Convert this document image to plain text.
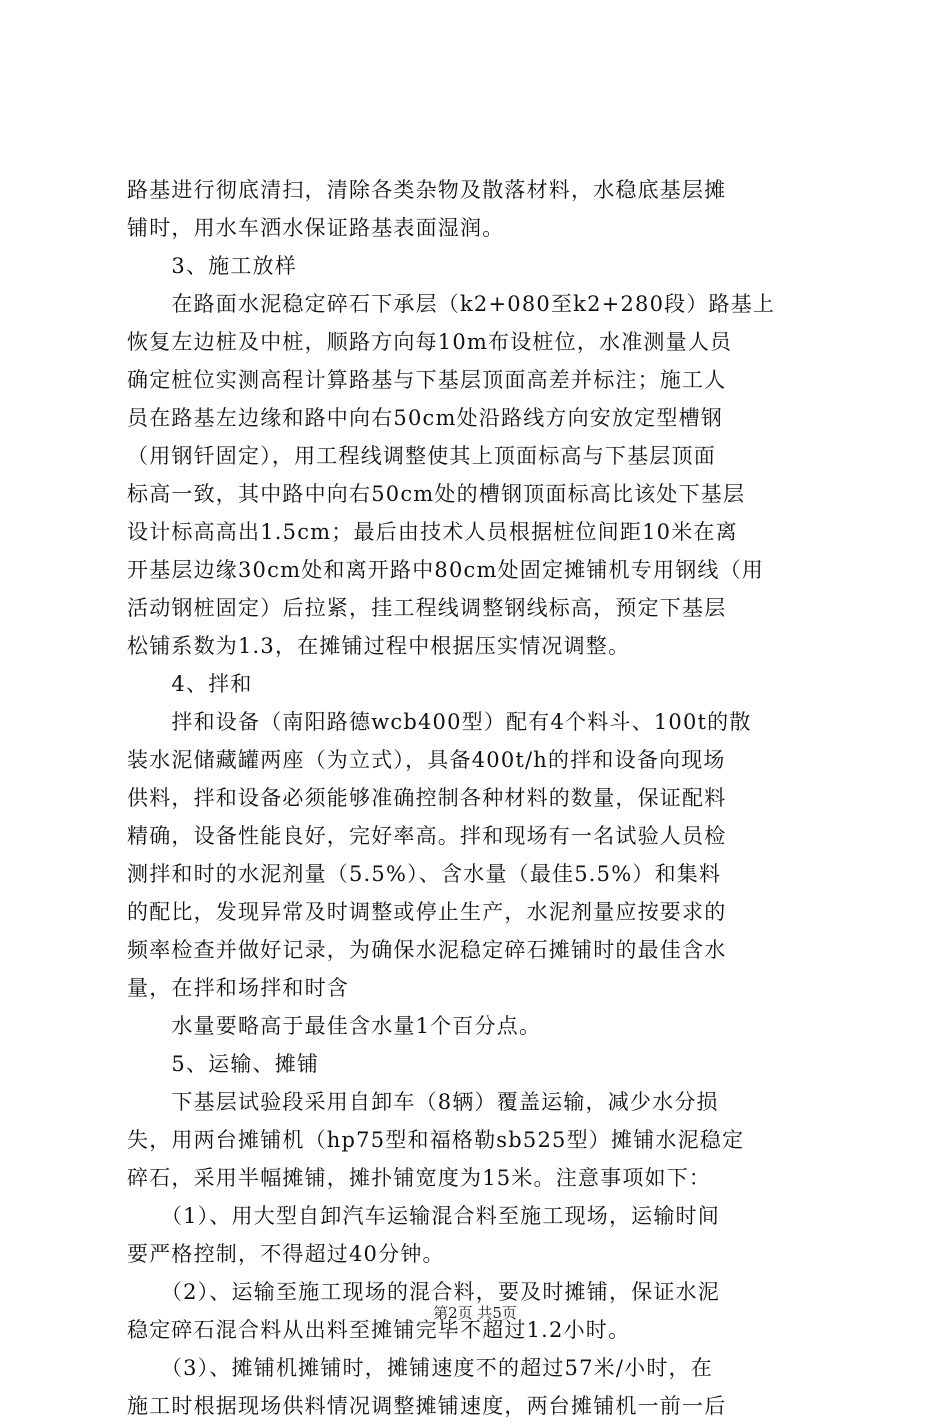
路基进行彻底清扫，清除各类杂物及散落材料，水稳底基层摊
铺时，用水车洒水保证路基表面湿润。
　　3、施工放样
　　在路面水泥稳定碎石下承层（k2+080至k2+280段）路基上
恢复左边桩及中桩，顺路方向每10m布设桩位，水准测量人员
确定桩位实测高程计算路基与下基层顶面高差并标注；施工人
员在路基左边缘和路中向右50cm处沿路线方向安放定型槽钢
（用钢钎固定），用工程线调整使其上顶面标高与下基层顶面
标高一致，其中路中向右50cm处的槽钢顶面标高比该处下基层
设计标高高出1.5cm；最后由技术人员根据桩位间距10米在离
开基层边缘30cm处和离开路中80cm处固定摊铺机专用钢线（用
活动钢桩固定）后拉紧，挂工程线调整钢线标高，预定下基层
松铺系数为1.3，在摊铺过程中根据压实情况调整。
　　4、拌和
　　拌和设备（南阳路德wcb400型）配有4个料斗、100t的散
装水泥储藏罐两座（为立式），具备400t/h的拌和设备向现场
供料，拌和设备必须能够准确控制各种材料的数量，保证配料
精确，设备性能良好，完好率高。拌和现场有一名试验人员检
测拌和时的水泥剂量（5.5%）、含水量（最佳5.5%）和集料
的配比，发现异常及时调整或停止生产，水泥剂量应按要求的
频率检查并做好记录，为确保水泥稳定碎石摊铺时的最佳含水
量，在拌和场拌和时含
　　水量要略高于最佳含水量1个百分点。
　　5、运输、摊铺
　　下基层试验段采用自卸车（8辆）覆盖运输，减少水分损
失，用两台摊铺机（hp75型和福格勒sb525型）摊铺水泥稳定
碎石，采用半幅摊铺，摊扑铺宽度为15米。注意事项如下：
　　（1）、用大型自卸汽车运输混合料至施工现场，运输时间
要严格控制，不得超过40分钟。
　　（2）、运输至施工现场的混合料，要及时摊铺，保证水泥
稳定碎石混合料从出料至摊铺完毕不超过1.2小时。
　　（3）、摊铺机摊铺时，摊铺速度不的超过57米/小时，在
施工时根据现场供料情况调整摊铺速度，两台摊铺机一前一后
第2页 共5页
